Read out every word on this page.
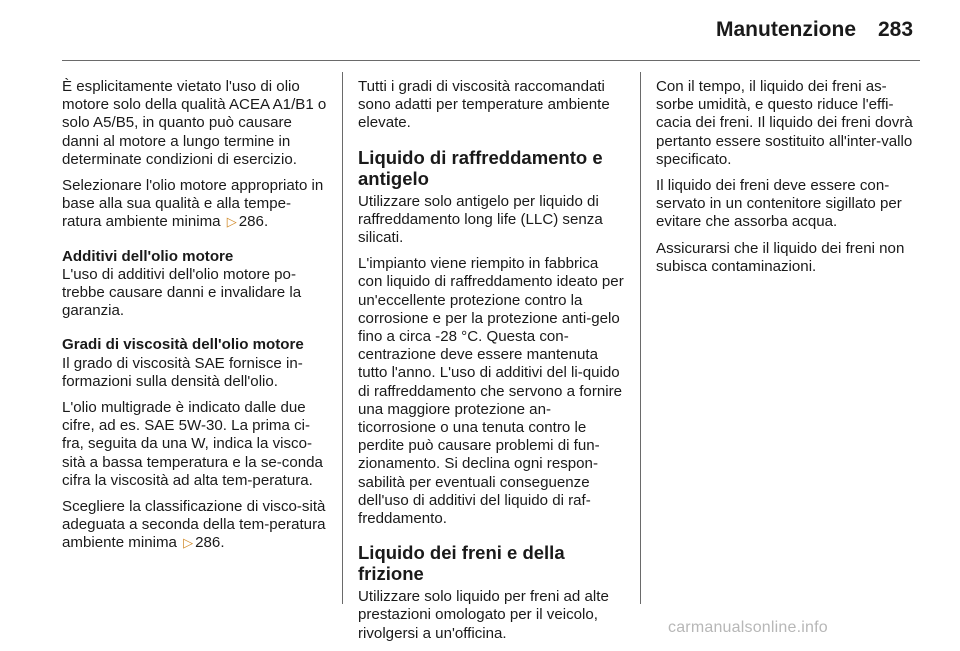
Manutenzione 283

È esplicitamente vietato l'uso di olio motore solo della qualità ACEA A1/B1 o solo A5/B5, in quanto può causare danni al motore a lungo termine in determinate condizioni di esercizio.

Selezionare l'olio motore appropriato in base alla sua qualità e alla tempe-ratura ambiente minima ▷ 286.

Additivi dell'olio motore

L'uso di additivi dell'olio motore po-trebbe causare danni e invalidare la garanzia.

Gradi di viscosità dell'olio motore

Il grado di viscosità SAE fornisce in-formazioni sulla densità dell'olio.

L'olio multigrade è indicato dalle due cifre, ad es. SAE 5W-30. La prima ci-fra, seguita da una W, indica la visco-sità a bassa temperatura e la se-conda cifra la viscosità ad alta tem-peratura.

Scegliere la classificazione di visco-sità adeguata a seconda della tem-peratura ambiente minima ▷ 286.

Tutti i gradi di viscosità raccomandati sono adatti per temperature ambiente elevate.

Liquido di raffreddamento e antigelo

Utilizzare solo antigelo per liquido di raffreddamento long life (LLC) senza silicati.

L'impianto viene riempito in fabbrica con liquido di raffreddamento ideato per un'eccellente protezione contro la corrosione e per la protezione anti-gelo fino a circa -28 °C. Questa con-centrazione deve essere mantenuta tutto l'anno. L'uso di additivi del li-quido di raffreddamento che servono a fornire una maggiore protezione an-ticorrosione o una tenuta contro le perdite può causare problemi di fun-zionamento. Si declina ogni respon-sabilità per eventuali conseguenze dell'uso di additivi del liquido di raf-freddamento.

Liquido dei freni e della frizione

Utilizzare solo liquido per freni ad alte prestazioni omologato per il veicolo, rivolgersi a un'officina.

Con il tempo, il liquido dei freni as-sorbe umidità, e questo riduce l'effi-cacia dei freni. Il liquido dei freni dovrà pertanto essere sostituito all'inter-vallo specificato.

Il liquido dei freni deve essere con-servato in un contenitore sigillato per evitare che assorba acqua.

Assicurarsi che il liquido dei freni non subisca contaminazioni.

carmanualsonline.info
